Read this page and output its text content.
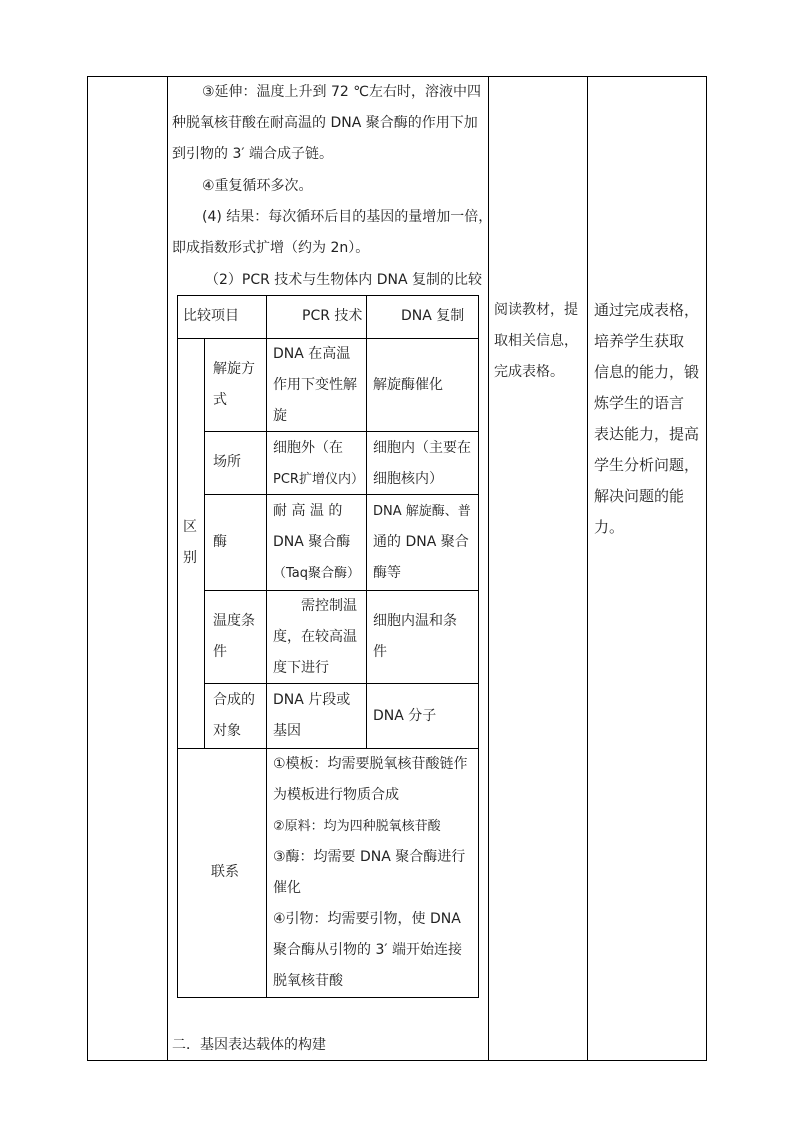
③延伸：温度上升到 72 ℃左右时，溶液中四
种脱氧核苷酸在耐高温的 DNA 聚合酶的作用下加
到引物的 3′ 端合成子链。
④重复循环多次。
(4) 结果：每次循环后目的基因的量增加一倍，
即成指数形式扩增（约为 2n）。
（2）PCR 技术与生物体内 DNA 复制的比较
比较项目	PCR 技术	DNA 复制
区
别
解旋方
式
DNA 在高温
作用下变性解
旋
解旋酶催化
场所
细胞外（在
PCR扩增仪内）
细胞内（主要在
细胞核内）
酶
耐 高 温 的
DNA 聚合酶
（Taq聚合酶）
DNA 解旋酶、普
通的 DNA 聚合
酶等
温度条
件
需控制温
度，在较高温
度下进行
细胞内温和条
件
合成的
对象
DNA 片段或
基因
DNA 分子
联系
①模板：均需要脱氧核苷酸链作
为模板进行物质合成
②原料：均为四种脱氧核苷酸
③酶：均需要 DNA 聚合酶进行
催化
④引物：均需要引物，使 DNA
聚合酶从引物的 3′ 端开始连接
脱氧核苷酸
二．基因表达载体的构建
阅读教材，提
取相关信息，
完成表格。
通过完成表格，
培养学生获取
信息的能力，锻
炼学生的语言
表达能力，提高
学生分析问题，
解决问题的能
力。
